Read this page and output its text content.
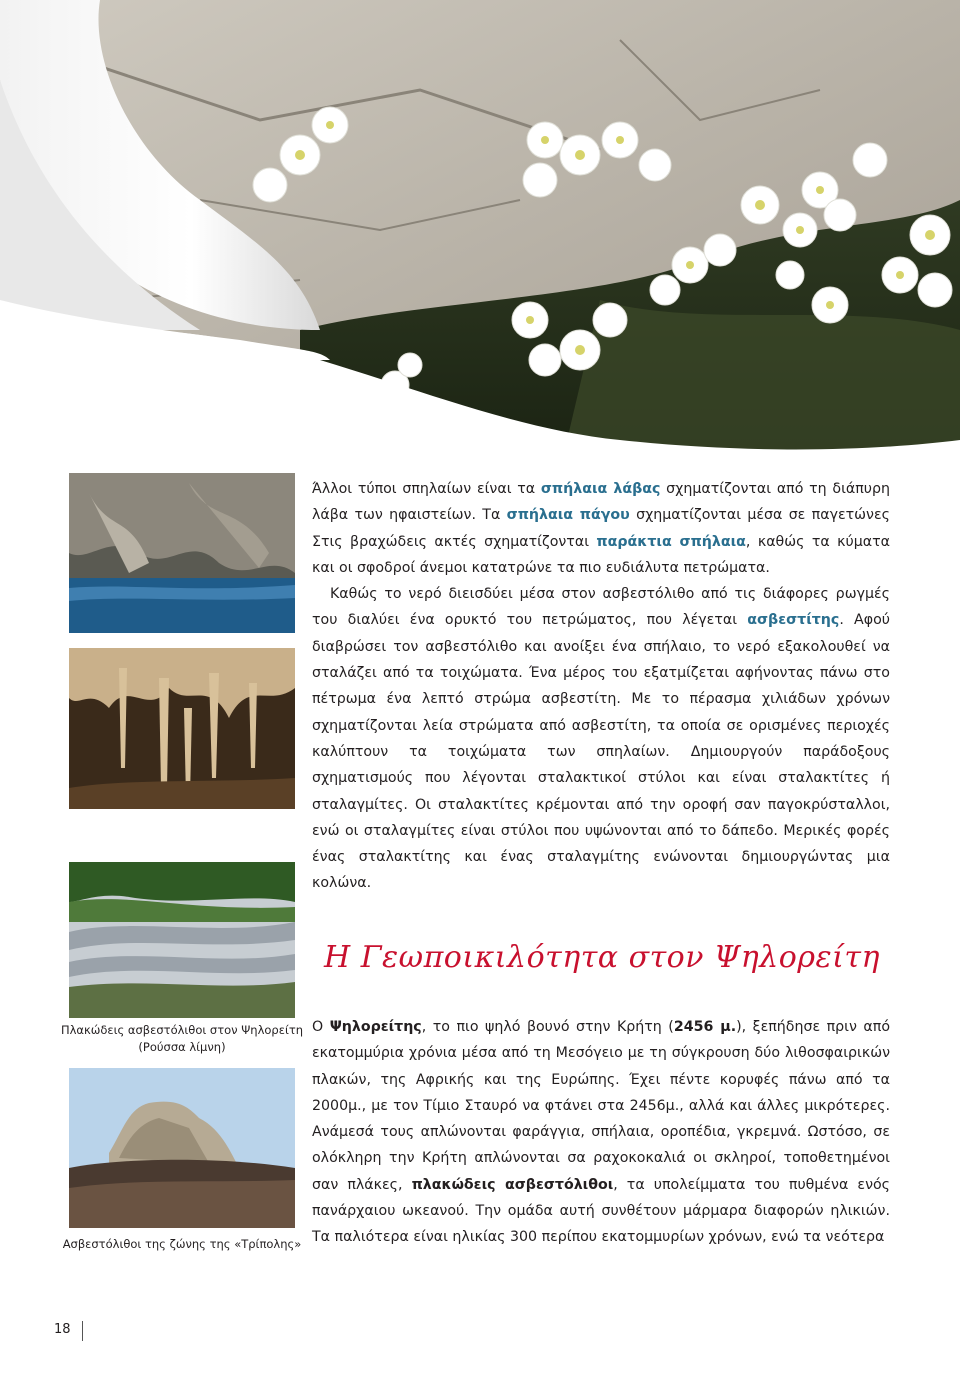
Πλακώδεις ασβεστόλιθοι στον Ψηλορείτη
(Ρούσσα λίμνη)
Ασβεστόλιθοι της ζώνης της «Τρίπολης»

Άλλοι τύποι σπηλαίων είναι τα σπήλαια λάβας σχηματίζονται από τη διάπυρη λάβα των ηφαιστείων. Τα σπήλαια πάγου σχηματίζονται μέσα σε παγετώνες Στις βραχώδεις ακτές σχηματίζονται παράκτια σπήλαια, καθώς τα κύματα και οι σφοδροί άνεμοι κατατρώνε τα πιο ευδιάλυτα πετρώματα.

Καθώς το νερό διεισδύει μέσα στον ασβεστόλιθο από τις διάφορες ρωγμές του διαλύει ένα ορυκτό του πετρώματος, που λέγεται ασβεστίτης. Αφού διαβρώσει τον ασβεστόλιθο και ανοίξει ένα σπήλαιο, το νερό εξακολουθεί να σταλάζει από τα τοιχώματα. Ένα μέρος του εξατμίζεται αφήνοντας πάνω στο πέτρωμα ένα λεπτό στρώμα ασβεστίτη. Με το πέρασμα χιλιάδων χρόνων σχηματίζονται λεία στρώματα από ασβεστίτη, τα οποία σε ορισμένες περιοχές καλύπτουν τα τοιχώματα των σπηλαίων. Δημιουργούν παράδοξους σχηματισμούς που λέγονται σταλακτικοί στύλοι και είναι σταλακτίτες ή σταλαγμίτες. Οι σταλακτίτες κρέμονται από την οροφή σαν παγοκρύσταλλοι, ενώ οι σταλαγμίτες είναι στύλοι που υψώνονται από το δάπεδο. Μερικές φορές ένας σταλακτίτης και ένας σταλαγμίτης ενώνονται δημιουργώντας μια κολώνα.

Η Γεωποικιλότητα στον Ψηλορείτη

Ο Ψηλορείτης, το πιο ψηλό βουνό στην Κρήτη (2456 μ.), ξεπήδησε πριν από εκατομμύρια χρόνια μέσα από τη Μεσόγειο με τη σύγκρουση δύο λιθοσφαιρικών πλακών, της Αφρικής και της Ευρώπης. Έχει πέντε κορυφές πάνω από τα 2000μ., με τον Τίμιο Σταυρό να φτάνει στα 2456μ., αλλά και άλλες μικρότερες. Ανάμεσά τους απλώνονται φαράγγια, σπήλαια, οροπέδια, γκρεμνά. Ωστόσο, σε ολόκληρη την Κρήτη απλώνονται σα ραχοκοκαλιά οι σκληροί, τοποθετημένοι σαν πλάκες, πλακώδεις ασβεστόλιθοι, τα υπολείμματα του πυθμένα ενός πανάρχαιου ωκεανού. Την ομάδα αυτή συνθέτουν μάρμαρα διαφορών ηλικιών. Τα παλιότερα είναι ηλικίας 300 περίπου εκατομμυρίων χρόνων, ενώ τα νεότερα

18
